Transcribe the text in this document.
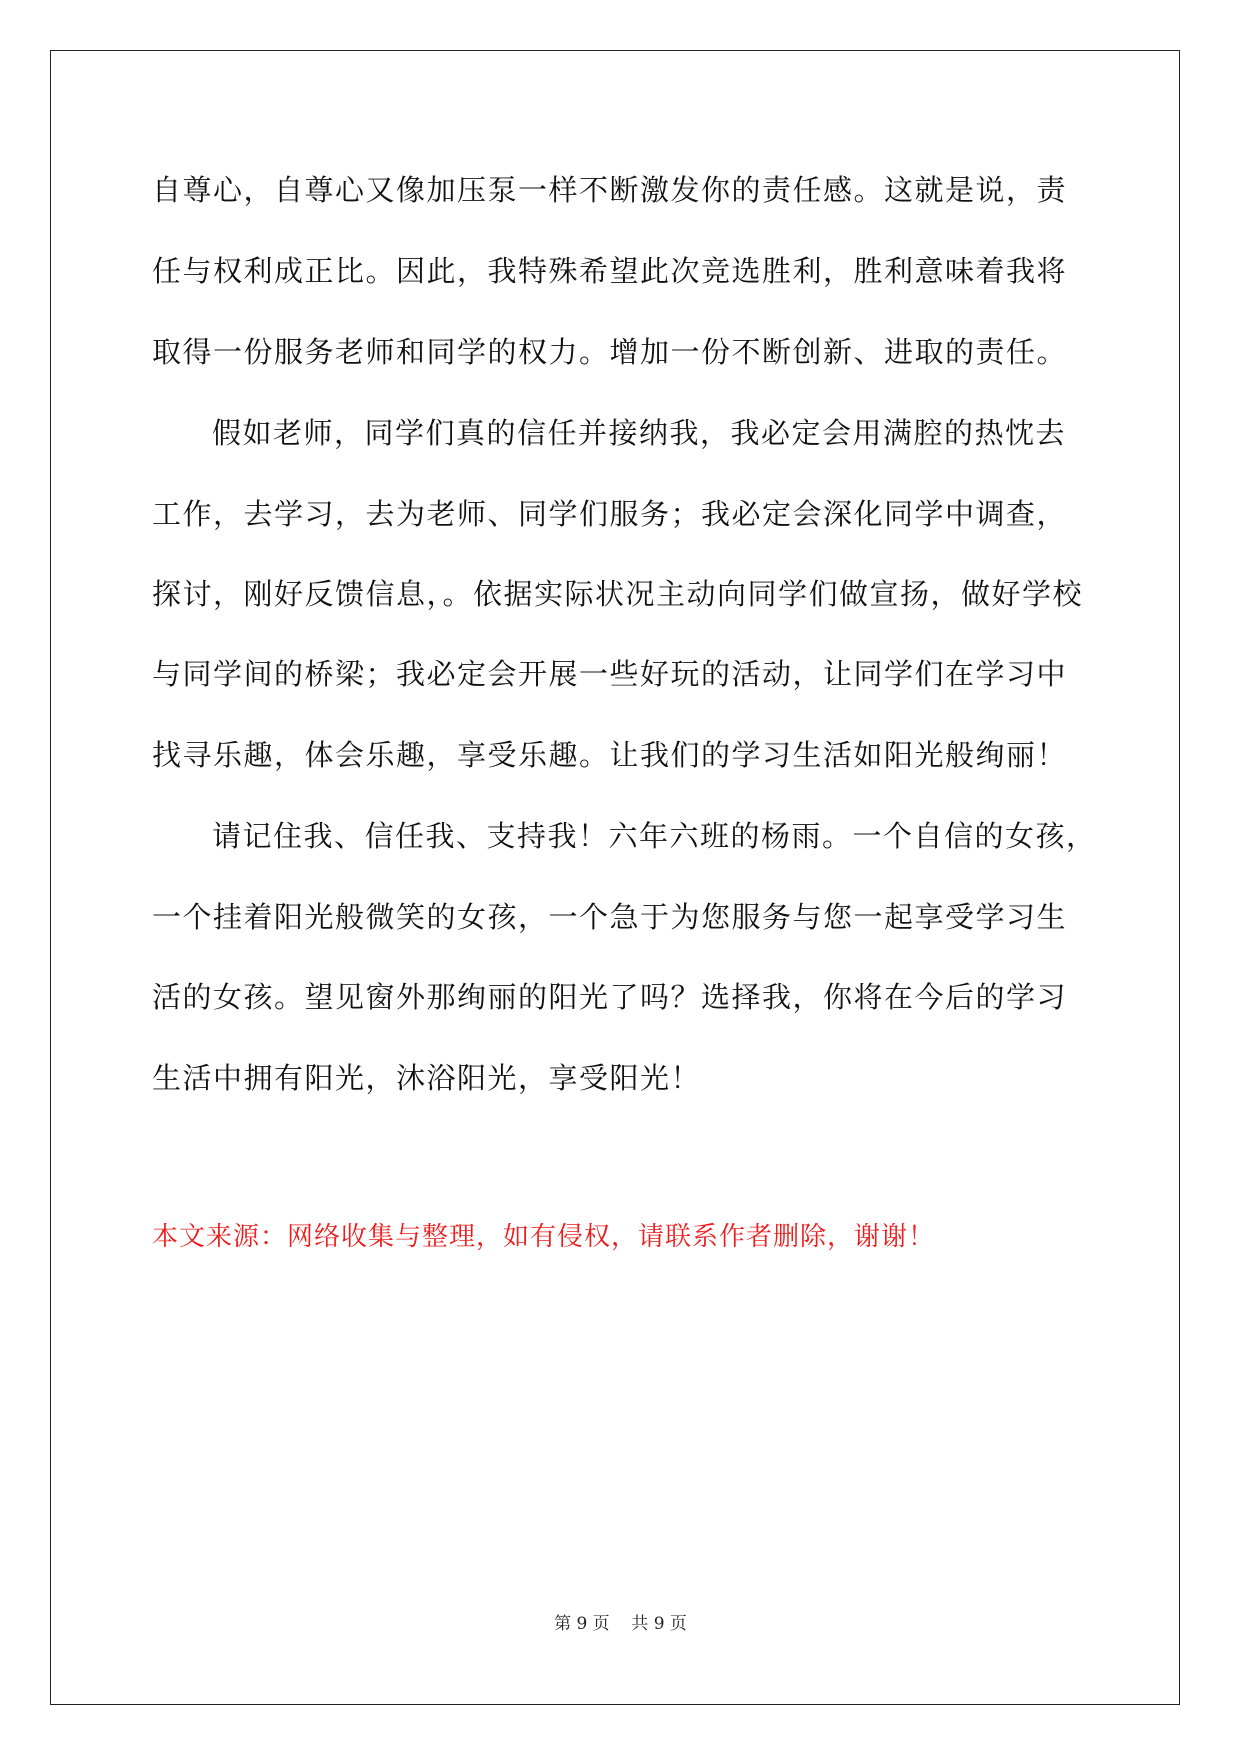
自尊心，自尊心又像加压泵一样不断激发你的责任感。这就是说，责
任与权利成正比。因此，我特殊希望此次竞选胜利，胜利意味着我将
取得一份服务老师和同学的权力。增加一份不断创新、进取的责任。
假如老师，同学们真的信任并接纳我，我必定会用满腔的热忱去
工作，去学习，去为老师、同学们服务；我必定会深化同学中调查，
探讨，刚好反馈信息，。依据实际状况主动向同学们做宣扬，做好学校
与同学间的桥梁；我必定会开展一些好玩的活动，让同学们在学习中
找寻乐趣，体会乐趣，享受乐趣。让我们的学习生活如阳光般绚丽！
请记住我、信任我、支持我！六年六班的杨雨。一个自信的女孩，
一个挂着阳光般微笑的女孩，一个急于为您服务与您一起享受学习生
活的女孩。望见窗外那绚丽的阳光了吗？选择我，你将在今后的学习
生活中拥有阳光，沐浴阳光，享受阳光！
本文来源：网络收集与整理，如有侵权，请联系作者删除，谢谢！
第 9 页    共 9 页
